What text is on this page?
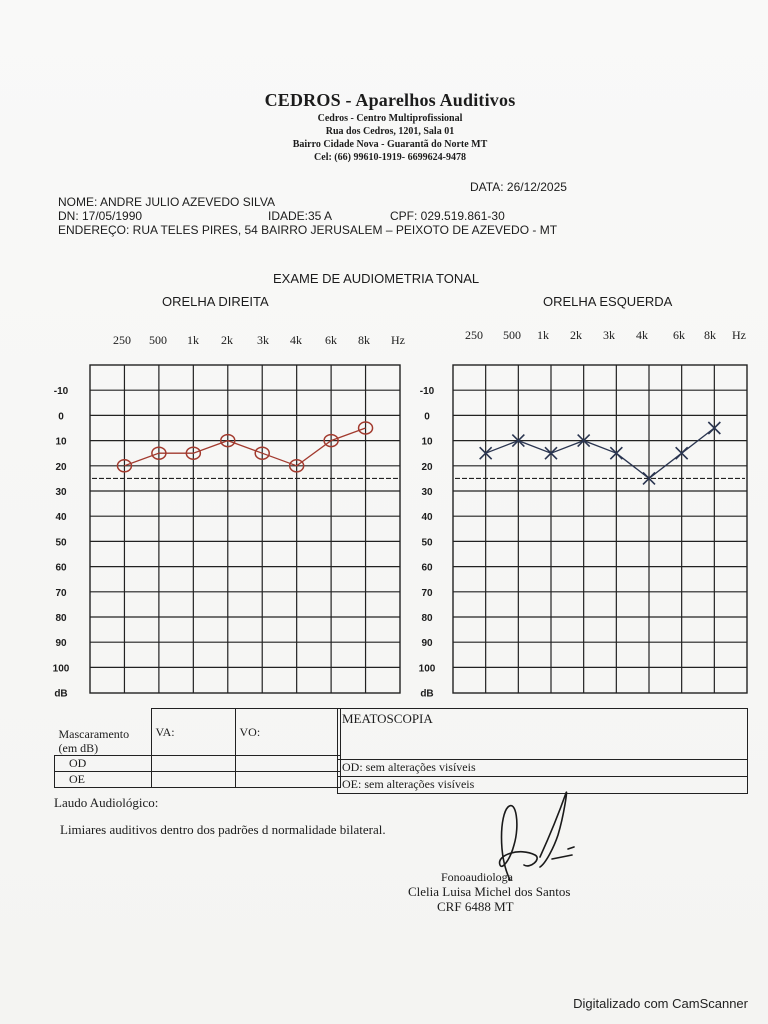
CEDROS - Aparelhos Auditivos
Cedros - Centro Multiprofissional
Rua dos Cedros, 1201, Sala 01
Bairro Cidade Nova - Guarantã do Norte MT
Cel: (66) 99610-1919- 6699624-9478
DATA: 26/12/2025
NOME: ANDRE JULIO AZEVEDO SILVA
DN: 17/05/1990	IDADE:35 A	CPF: 029.519.861-30
ENDEREÇO: RUA TELES PIRES, 54 BAIRRO JERUSALEM – PEIXOTO DE AZEVEDO - MT
EXAME DE AUDIOMETRIA TONAL
ORELHA DIREITA	ORELHA ESQUERDA
250 500 1k 2k 3k 4k 6k 8k Hz
-10
0
10
20
30
40
50
60
70
80
90
100
dB
250 500 1k 2k 3k 4k 6k 8k Hz
-10
0
10
20
30
40
50
60
70
80
90
100
dB
Mascaramento (em dB)	VA:	VO:
OD		
OE		
MEATOSCOPIA
OD: sem alterações visíveis
OE: sem alterações visíveis
Laudo Audiológico:
Limiares auditivos dentro dos padrões d normalidade bilateral.
Fonoaudiologa
Clelia Luisa Michel dos Santos
CRF 6488 MT
Digitalizado com CamScanner
